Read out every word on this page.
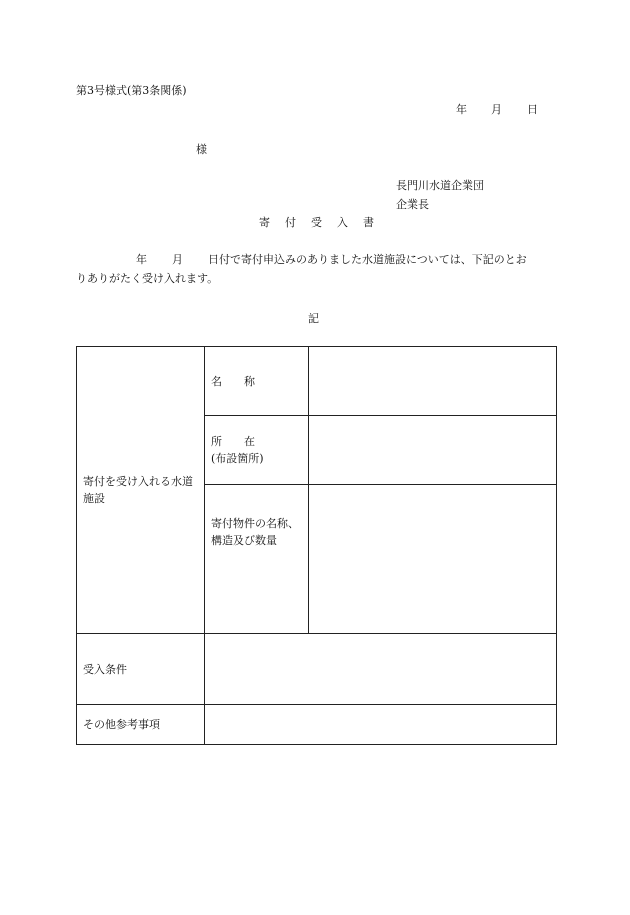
第3号様式(第3条関係)
年 月 日
様
長門川水道企業団
企業長
寄付受入書
年 月 日付で寄付申込みのありました水道施設については、下記のとお
りありがたく受け入れます。
記
寄付を受け入れる水道施設	名　　称	

	所　　在
(布設箇所)	

	寄付物件の名称、
構造及び数量	

受入条件		
その他参考事項		
